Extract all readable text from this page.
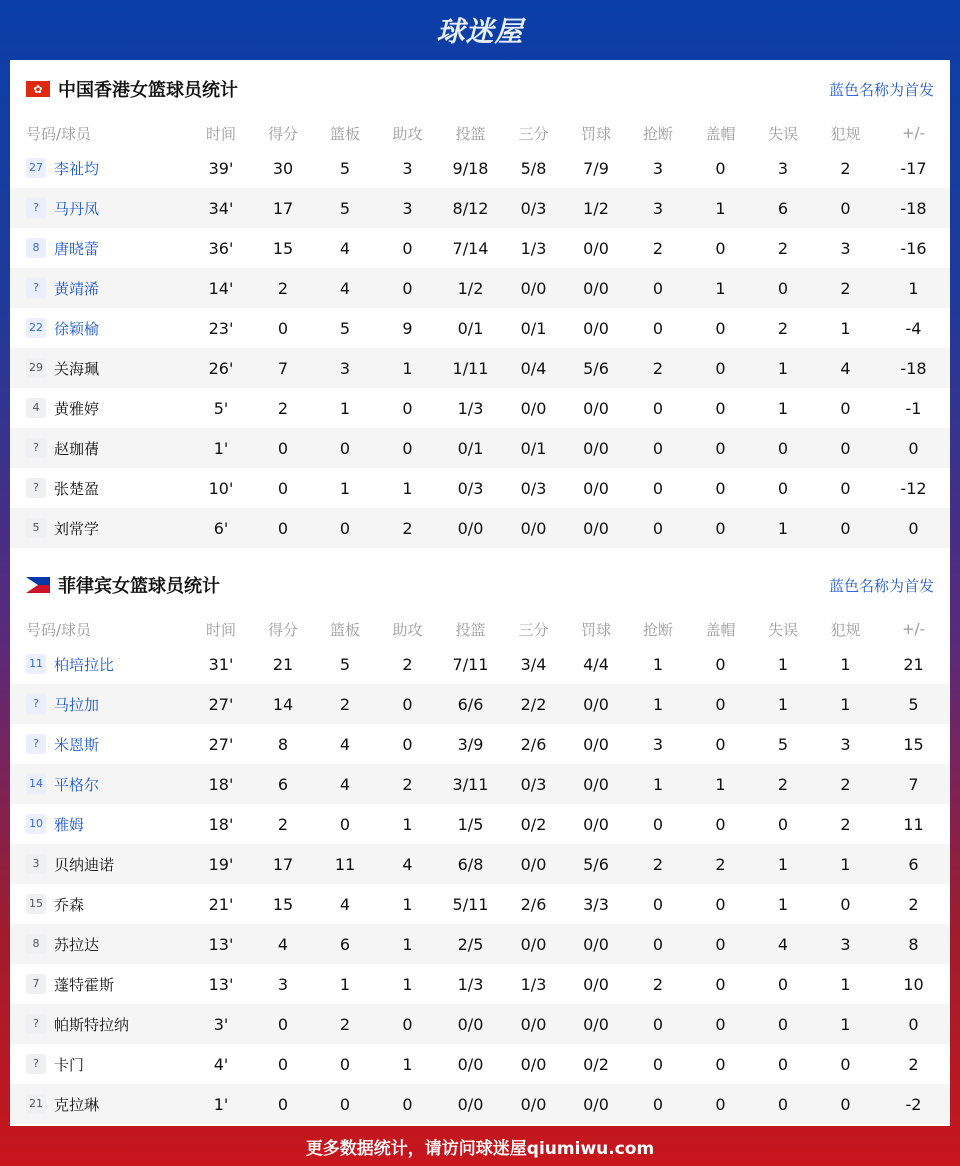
球迷屋
✿ 中国香港女篮球员统计	蓝色名称为首发
号码/球员	时间	得分	篮板	助攻	投篮	三分	罚球	抢断	盖帽	失误	犯规	+/-
27 李祉均	39'	30	5	3	9/18	5/8	7/9	3	0	3	2	-17
? 马丹凤	34'	17	5	3	8/12	0/3	1/2	3	1	6	0	-18
8 唐晓蕾	36'	15	4	0	7/14	1/3	0/0	2	0	2	3	-16
? 黄靖浠	14'	2	4	0	1/2	0/0	0/0	0	1	0	2	1
22 徐颖榆	23'	0	5	9	0/1	0/1	0/0	0	0	2	1	-4
29 关海珮	26'	7	3	1	1/11	0/4	5/6	2	0	1	4	-18
4 黄雅婷	5'	2	1	0	1/3	0/0	0/0	0	0	1	0	-1
? 赵珈蒨	1'	0	0	0	0/1	0/1	0/0	0	0	0	0	0
? 张楚盈	10'	0	1	1	0/3	0/3	0/0	0	0	0	0	-12
5 刘常学	6'	0	0	2	0/0	0/0	0/0	0	0	1	0	0
菲律宾女篮球员统计	蓝色名称为首发
号码/球员	时间	得分	篮板	助攻	投篮	三分	罚球	抢断	盖帽	失误	犯规	+/-
11 柏培拉比	31'	21	5	2	7/11	3/4	4/4	1	0	1	1	21
? 马拉加	27'	14	2	0	6/6	2/2	0/0	1	0	1	1	5
? 米恩斯	27'	8	4	0	3/9	2/6	0/0	3	0	5	3	15
14 平格尔	18'	6	4	2	3/11	0/3	0/0	1	1	2	2	7
10 雅姆	18'	2	0	1	1/5	0/2	0/0	0	0	0	2	11
3 贝纳迪诺	19'	17	11	4	6/8	0/0	5/6	2	2	1	1	6
15 乔森	21'	15	4	1	5/11	2/6	3/3	0	0	1	0	2
8 苏拉达	13'	4	6	1	2/5	0/0	0/0	0	0	4	3	8
7 蓬特霍斯	13'	3	1	1	1/3	1/3	0/0	2	0	0	1	10
? 帕斯特拉纳	3'	0	2	0	0/0	0/0	0/0	0	0	0	1	0
? 卡门	4'	0	0	1	0/0	0/0	0/2	0	0	0	0	2
21 克拉琳	1'	0	0	0	0/0	0/0	0/0	0	0	0	0	-2
更多数据统计，请访问球迷屋qiumiwu.com
